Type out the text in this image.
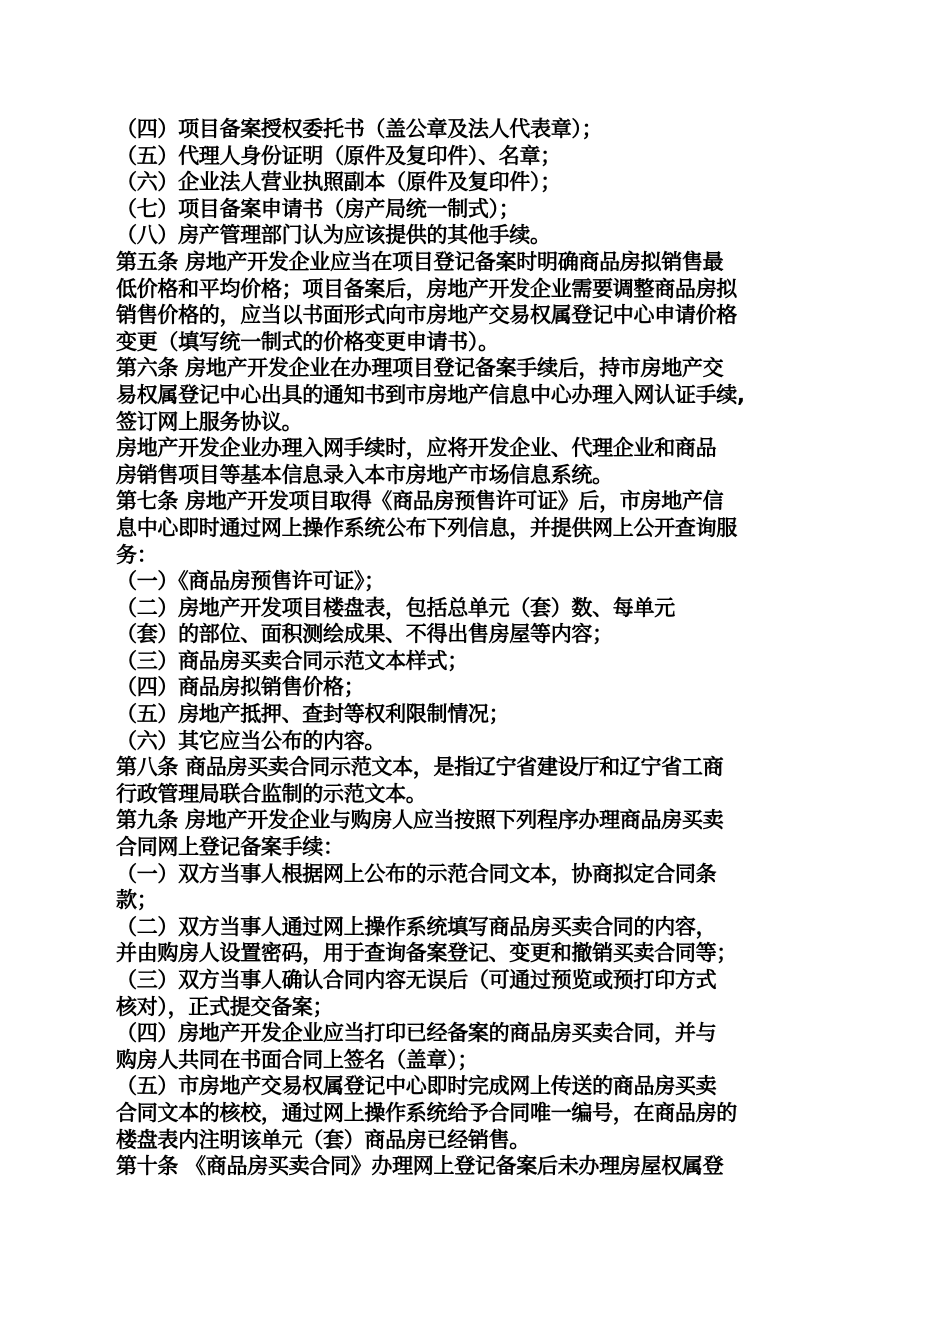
（四）项目备案授权委托书（盖公章及法人代表章）；
（五）代理人身份证明（原件及复印件）、名章；
（六）企业法人营业执照副本（原件及复印件）；
（七）项目备案申请书（房产局统一制式）；
（八）房产管理部门认为应该提供的其他手续。
第五条 房地产开发企业应当在项目登记备案时明确商品房拟销售最
低价格和平均价格；项目备案后，房地产开发企业需要调整商品房拟
销售价格的，应当以书面形式向市房地产交易权属登记中心申请价格
变更（填写统一制式的价格变更申请书）。
第六条 房地产开发企业在办理项目登记备案手续后，持市房地产交
易权属登记中心出具的通知书到市房地产信息中心办理入网认证手续,
签订网上服务协议。
房地产开发企业办理入网手续时，应将开发企业、代理企业和商品
房销售项目等基本信息录入本市房地产市场信息系统。
第七条 房地产开发项目取得《商品房预售许可证》后，市房地产信
息中心即时通过网上操作系统公布下列信息，并提供网上公开查询服
务：
（一）《商品房预售许可证》；
（二）房地产开发项目楼盘表，包括总单元（套）数、每单元
（套）的部位、面积测绘成果、不得出售房屋等内容；
（三）商品房买卖合同示范文本样式；
（四）商品房拟销售价格；
（五）房地产抵押、查封等权利限制情况；
（六）其它应当公布的内容。
第八条 商品房买卖合同示范文本，是指辽宁省建设厅和辽宁省工商
行政管理局联合监制的示范文本。
第九条 房地产开发企业与购房人应当按照下列程序办理商品房买卖
合同网上登记备案手续：
（一）双方当事人根据网上公布的示范合同文本，协商拟定合同条
款；
（二）双方当事人通过网上操作系统填写商品房买卖合同的内容，
并由购房人设置密码，用于查询备案登记、变更和撤销买卖合同等；
（三）双方当事人确认合同内容无误后（可通过预览或预打印方式
核对），正式提交备案；
（四）房地产开发企业应当打印已经备案的商品房买卖合同，并与
购房人共同在书面合同上签名（盖章）；
（五）市房地产交易权属登记中心即时完成网上传送的商品房买卖
合同文本的核校，通过网上操作系统给予合同唯一编号，在商品房的
楼盘表内注明该单元（套）商品房已经销售。
第十条 《商品房买卖合同》办理网上登记备案后未办理房屋权属登
